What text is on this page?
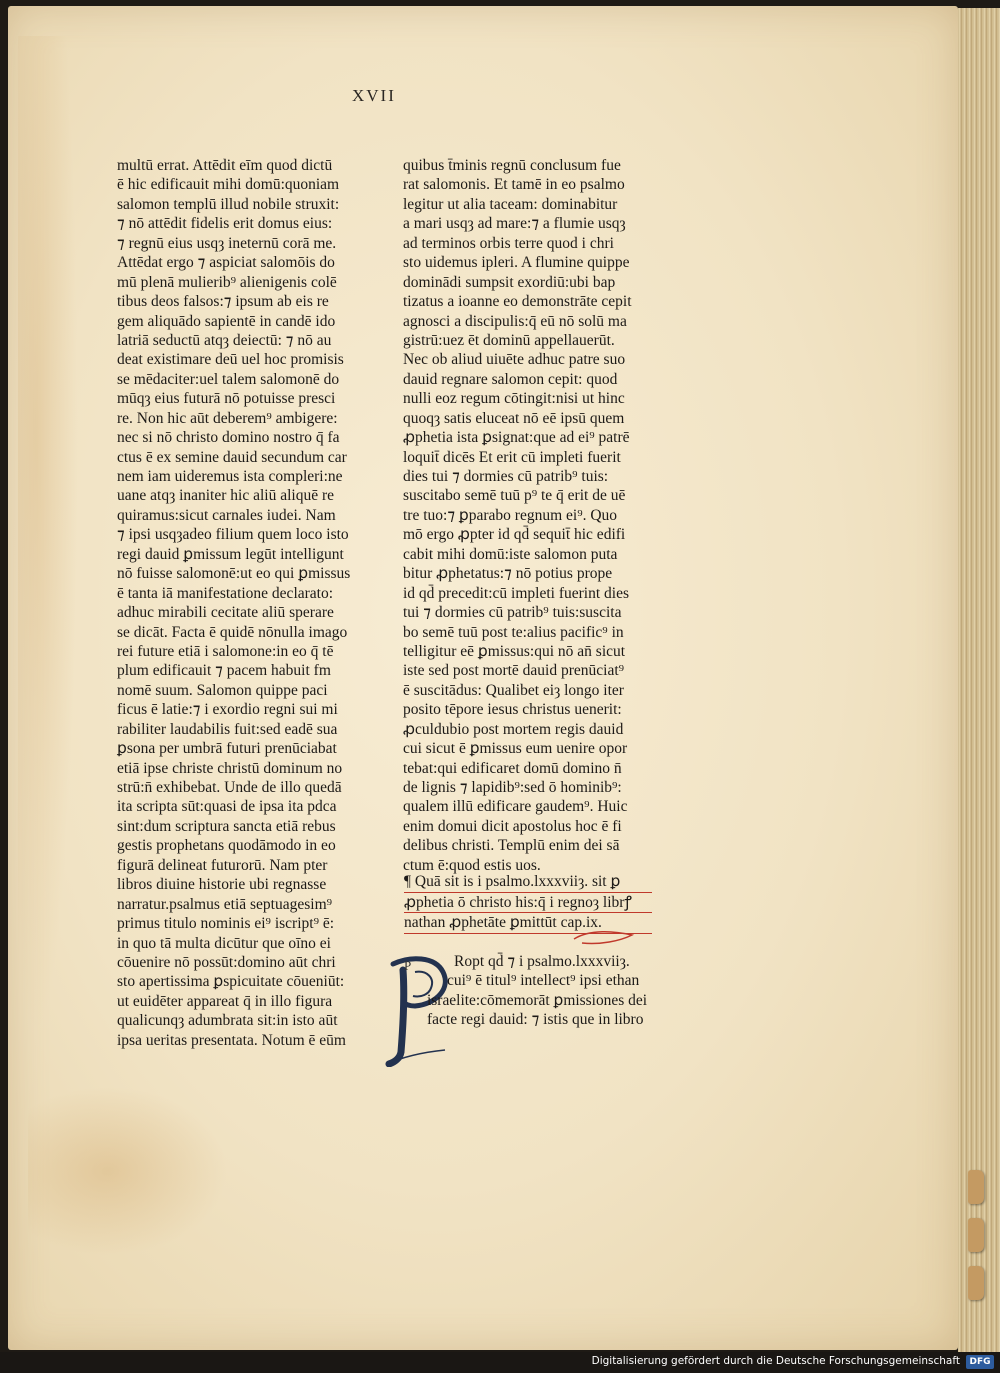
XVII
multū errat. Attēdit eīm quod dictū
ē hic edificauit mihi domū:quoniam
salomon templū illud nobile struxit:
⁊ nō attēdit fidelis erit domus eius:
⁊ regnū eius usqȝ ineternū corā me.
Attēdat ergo ⁊ aspiciat salomōis do
mū plenā mulierib⁹ alienigenis colē
tibus deos falsos:⁊ ipsum ab eis re
gem aliquādo sapientē in candē ido
latriā seductū atqȝ deiectū: ⁊ nō au
deat existimare deū uel hoc promisis
se mēdaciter:uel talem salomonē do
mūqȝ eius futurā nō potuisse presci
re. Non hic aūt deberem⁹ ambigere:
nec si nō christo domino nostro q̄ fa
ctus ē ex semine dauid secundum car
nem iam uideremus ista compleri:ne
uane atqȝ inaniter hic aliū aliquē re
quiramus:sicut carnales iudei. Nam
⁊ ipsi usqȝadeo filium quem loco isto
regi dauid ꝑmissum legūt intelligunt
nō fuisse salomonē:ut eo qui ꝑmissus
ē tanta iā manifestatione declarato:
adhuc mirabili cecitate aliū sperare
se dicāt. Facta ē quidē nōnulla imago
rei future etiā i salomone:in eo q̄ tē
plum edificauit ⁊ pacem habuit fm
nomē suum. Salomon quippe paci
ficus ē latie:⁊ i exordio regni sui mi
rabiliter laudabilis fuit:sed eadē sua
ꝑsona per umbrā futuri prenūciabat
etiā ipse christe christū dominum no
strū:n̄ exhibebat. Unde de illo quedā
ita scripta sūt:quasi de ipsa ita pdca
sint:dum scriptura sancta etiā rebus
gestis prophetans quodāmodo in eo
figurā delineat futurorū. Nam pter
libros diuine historie ubi regnasse
narratur.psalmus etiā septuagesim⁹
primus titulo nominis ei⁹ iscript⁹ ē:
in quo tā multa dicūtur que oīno ei
cōuenire nō possūt:domino aūt chri
sto apertissima ꝑspicuitate cōueniūt:
ut euidēter appareat q̄ in illo figura
qualicunqȝ adumbrata sit:in isto aūt
ipsa ueritas presentata. Notum ē eūm
quibus t̄minis regnū conclusum fue
rat salomonis. Et tamē in eo psalmo
legitur ut alia taceam: dominabitur
a mari usqȝ ad mare:⁊ a flumie usqȝ
ad terminos orbis terre quod i chri
sto uidemus ipleri. A flumine quippe
dominādi sumpsit exordiū:ubi bap
tizatus a ioanne eo demonstrāte cepit
agnosci a discipulis:q̄ eū nō solū ma
gistrū:uez ēt dominū appellauerūt.
Nec ob aliud uiuēte adhuc patre suo
dauid regnare salomon cepit: quod
nulli eoz regum cōtingit:nisi ut hinc
quoqȝ satis eluceat nō eē ipsū quem
ꝓphetia ista ꝑsignat:que ad ei⁹ patrē
loquit̄ dicēs Et erit cū impleti fuerit
dies tui ⁊ dormies cū patrib⁹ tuis:
suscitabo semē tuū p⁹ te q̄ erit de uē
tre tuo:⁊ ꝑparabo regnum ei⁹. Quo
mō ergo ꝓpter id qd̄ sequit̄ hic edifi
cabit mihi domū:iste salomon puta
bitur ꝓphetatus:⁊ nō potius prope
id qd̄ precedit:cū impleti fuerint dies
tui ⁊ dormies cū patrib⁹ tuis:suscita
bo semē tuū post te:alius pacific⁹ in
telligitur eē ꝑmissus:qui nō an̄ sicut
iste sed post mortē dauid prenūciat⁹
ē suscitādus: Qualibet eiȝ longo iter
posito tēpore iesus christus uenerit:
ꝓculdubio post mortem regis dauid
cui sicut ē ꝑmissus eum uenire opor
tebat:qui edificaret domū domino n̄
de lignis ⁊ lapidib⁹:sed ō hominib⁹:
qualem illū edificare gaudem⁹. Huic
enim domui dicit apostolus hoc ē fi
delibus christi. Templū enim dei sā
ctum ē:quod estis uos.
¶ Quā sit is i psalmo.lxxxviiȝ. sit ꝑ
ꝓphetia ō christo his:q̄ i regnoȝ librꝭ
nathan ꝓphetāte ꝑmittūt cap.ix.
P	Ropt qd̄ ⁊ i psalmo.lxxxviiȝ.
cui⁹ ē titul⁹ intellect⁹ ipsi ethan
israelite:cōmemorāt ꝑmissiones dei
facte regi dauid: ⁊ istis que in libro
Digitalisierung gefördert durch die Deutsche Forschungsgemeinschaft	DFG
